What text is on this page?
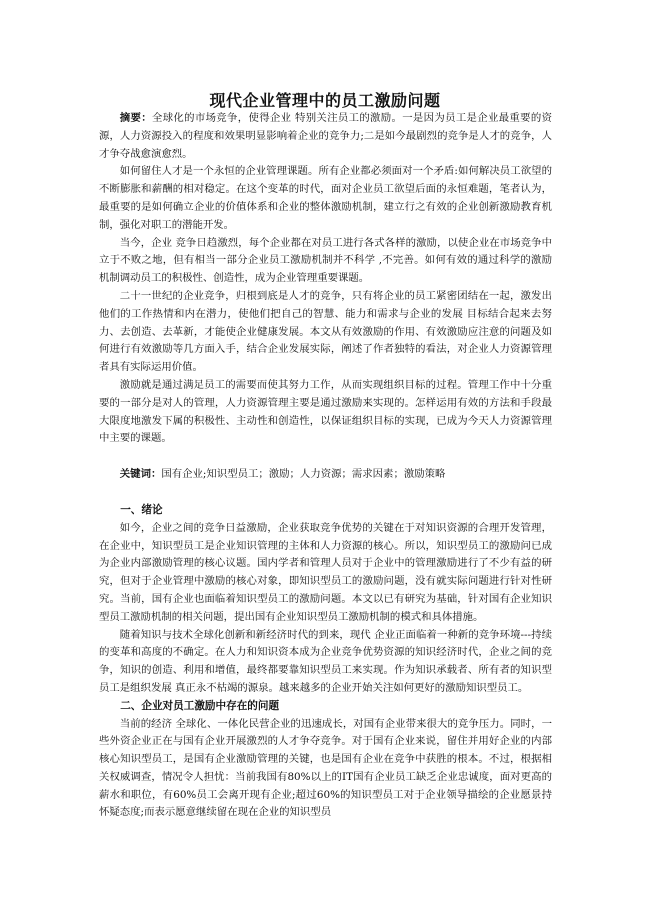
现代企业管理中的员工激励问题

摘要：全球化的市场竞争，使得企业 特别关注员工的激励。一是因为员工是企业最重要的资源，人力资源投入的程度和效果明显影响着企业的竞争力;二是如今最剧烈的竞争是人才的竞争，人才争夺战愈演愈烈。

如何留住人才是一个永恒的企业管理课题。所有企业都必须面对一个矛盾:如何解决员工欲望的不断膨胀和薪酬的相对稳定。在这个变革的时代，面对企业员工欲望后面的永恒难题，笔者认为，最重要的是如何确立企业的价值体系和企业的整体激励机制，建立行之有效的企业创新激励教育机制，强化对职工的潜能开发。

当今，企业 竞争日趋激烈，每个企业都在对员工进行各式各样的激励，以使企业在市场竞争中立于不败之地，但有相当一部分企业员工激励机制并不科学 ,不完善。如何有效的通过科学的激励机制调动员工的积极性、创造性，成为企业管理重要课题。

二十一世纪的企业竞争，归根到底是人才的竞争，只有将企业的员工紧密团结在一起，激发出他们的工作热情和内在潜力，使他们把自己的智慧、能力和需求与企业的发展 目标结合起来去努力、去创造、去革新，才能使企业健康发展。本文从有效激励的作用、有效激励应注意的问题及如何进行有效激励等几方面入手，结合企业发展实际，阐述了作者独特的看法，对企业人力资源管理者具有实际运用价值。

激励就是通过满足员工的需要而使其努力工作，从而实现组织目标的过程。管理工作中十分重要的一部分是对人的管理，人力资源管理主要是通过激励来实现的。怎样运用有效的方法和手段最大限度地激发下属的积极性、主动性和创造性，以保证组织目标的实现，已成为今天人力资源管理中主要的课题。

关键词：国有企业;知识型员工；激励；人力资源；需求因素；激励策略

一、绪论

如今，企业之间的竞争日益激励，企业获取竞争优势的关键在于对知识资源的合理开发管理，在企业中，知识型员工是企业知识管理的主体和人力资源的核心。所以，知识型员工的激励问已成为企业内部激励管理的核心议题。国内学者和管理人员对于企业中的管理激励进行了不少有益的研究，但对于企业管理中激励的核心对象，即知识型员工的激励问题，没有就实际问题进行针对性研究。当前，国有企业也面临着知识型员工的激励问题。本文以已有研究为基础，针对国有企业知识型员工激励机制的相关问题，提出国有企业知识型员工激励机制的模式和具体措施。

随着知识与技术全球化创新和新经济时代的到来，现代 企业正面临着一种新的竞争环境---持续的变革和高度的不确定。在人力和知识资本成为企业竞争优势资源的知识经济时代，企业之间的竞争，知识的创造、利用和增值，最终都要靠知识型员工来实现。作为知识承载者、所有者的知识型员工是组织发展 真正永不枯竭的源泉。越来越多的企业开始关注如何更好的激励知识型员工。

二、企业对员工激励中存在的问题

当前的经济 全球化、一体化民营企业的迅速成长，对国有企业带来很大的竞争压力。同时，一些外资企业正在与国有企业开展激烈的人才争夺竞争。对于国有企业来说，留住并用好企业的内部核心知识型员工，是国有企业激励管理的关键，也是国有企业在竞争中获胜的根本。不过，根据相关权威调查，情况令人担忧：当前我国有80%以上的IT国有企业员工缺乏企业忠诚度，面对更高的薪水和职位，有60%员工会离开现有企业;超过60%的知识型员工对于企业领导描绘的企业愿景持怀疑态度;而表示愿意继续留在现在企业的知识型员
